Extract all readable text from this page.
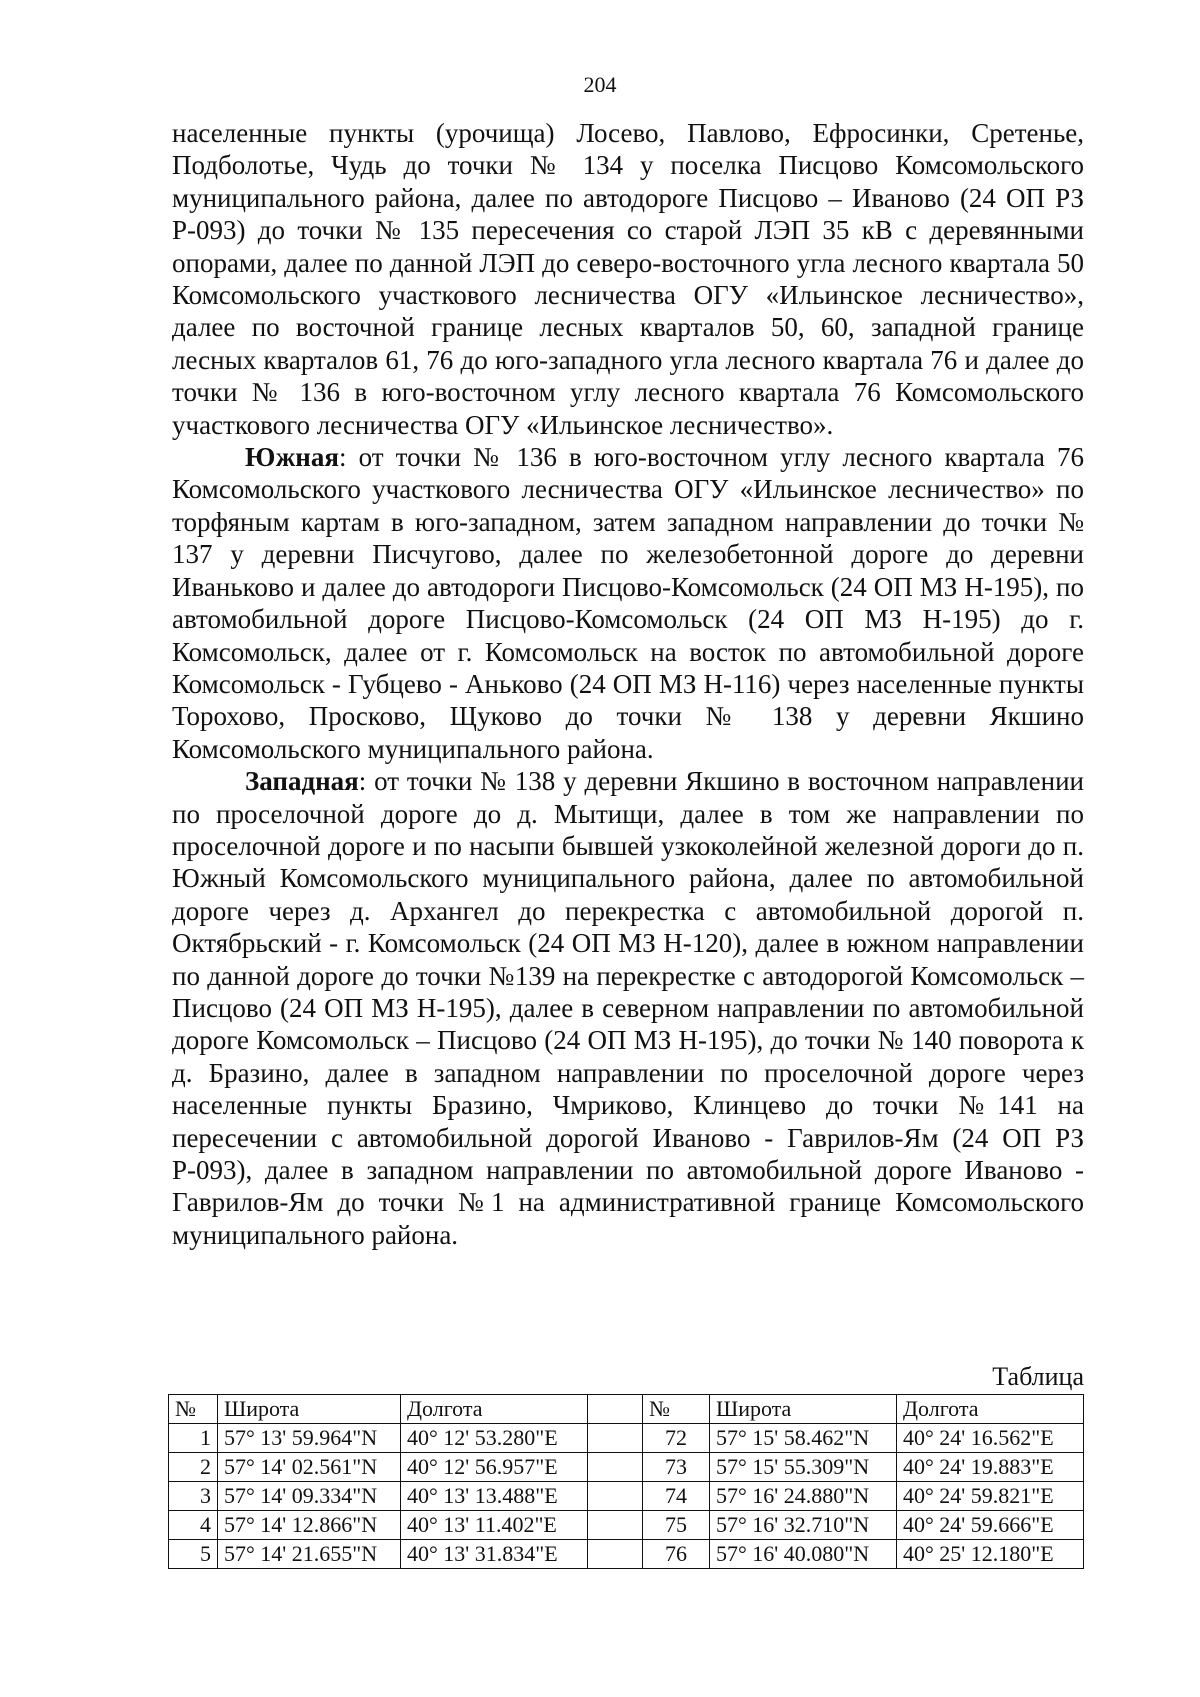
204

населенные пункты (урочища) Лосево, Павлово, Ефросинки, Сретенье, Подболотье, Чудь до точки № 134 у поселка Писцово Комсомольского муниципального района, далее по автодороге Писцово – Иваново (24 ОП РЗ Р-093) до точки № 135 пересечения со старой ЛЭП 35 кВ с деревянными опорами, далее по данной ЛЭП до северо-восточного угла лесного квартала 50 Комсомольского участкового лесничества ОГУ «Ильинское лесничество», далее по восточной границе лесных кварталов 50, 60, западной границе лесных кварталов 61, 76 до юго-западного угла лесного квартала 76 и далее до точки № 136 в юго-восточном углу лесного квартала 76 Комсомольского участкового лесничества ОГУ «Ильинское лесничество».

Южная: от точки № 136 в юго-восточном углу лесного квартала 76 Комсомольского участкового лесничества ОГУ «Ильинское лесничество» по торфяным картам в юго-западном, затем западном направлении до точки № 137 у деревни Писчугово, далее по железобетонной дороге до деревни Иваньково и далее до автодороги Писцово-Комсомольск (24 ОП МЗ Н-195), по автомобильной дороге Писцово-Комсомольск (24 ОП МЗ Н-195) до г. Комсомольск, далее от г. Комсомольск на восток по автомобильной дороге Комсомольск - Губцево - Аньково (24 ОП МЗ Н-116) через населенные пункты Торохово, Просково, Щуково до точки № 138 у деревни Якшино Комсомольского муниципального района.

Западная: от точки № 138 у деревни Якшино в восточном направлении по проселочной дороге до д. Мытищи, далее в том же направлении по проселочной дороге и по насыпи бывшей узкоколейной железной дороги до п. Южный Комсомольского муниципального района, далее по автомобильной дороге через д. Архангел до перекрестка с автомобильной дорогой п. Октябрьский - г. Комсомольск (24 ОП МЗ Н-120), далее в южном направлении по данной дороге до точки №139 на перекрестке с автодорогой Комсомольск – Писцово (24 ОП МЗ Н-195), далее в северном направлении по автомобильной дороге Комсомольск – Писцово (24 ОП МЗ Н-195), до точки № 140 поворота к д. Бразино, далее в западном направлении по проселочной дороге через населенные пункты Бразино, Чмриково, Клинцево до точки №141 на пересечении с автомобильной дорогой Иваново - Гаврилов-Ям (24 ОП РЗ Р-093), далее в западном направлении по автомобильной дороге Иваново - Гаврилов-Ям до точки №1 на административной границе Комсомольского муниципального района.

Таблица
№	Широта	Долгота		№	Широта	Долгота
1	57° 13' 59.964"N	40° 12' 53.280"E		72	57° 15' 58.462"N	40° 24' 16.562"E
2	57° 14' 02.561"N	40° 12' 56.957"E		73	57° 15' 55.309"N	40° 24' 19.883"E
3	57° 14' 09.334"N	40° 13' 13.488"E		74	57° 16' 24.880"N	40° 24' 59.821"E
4	57° 14' 12.866"N	40° 13' 11.402"E		75	57° 16' 32.710"N	40° 24' 59.666"E
5	57° 14' 21.655"N	40° 13' 31.834"E		76	57° 16' 40.080"N	40° 25' 12.180"E
